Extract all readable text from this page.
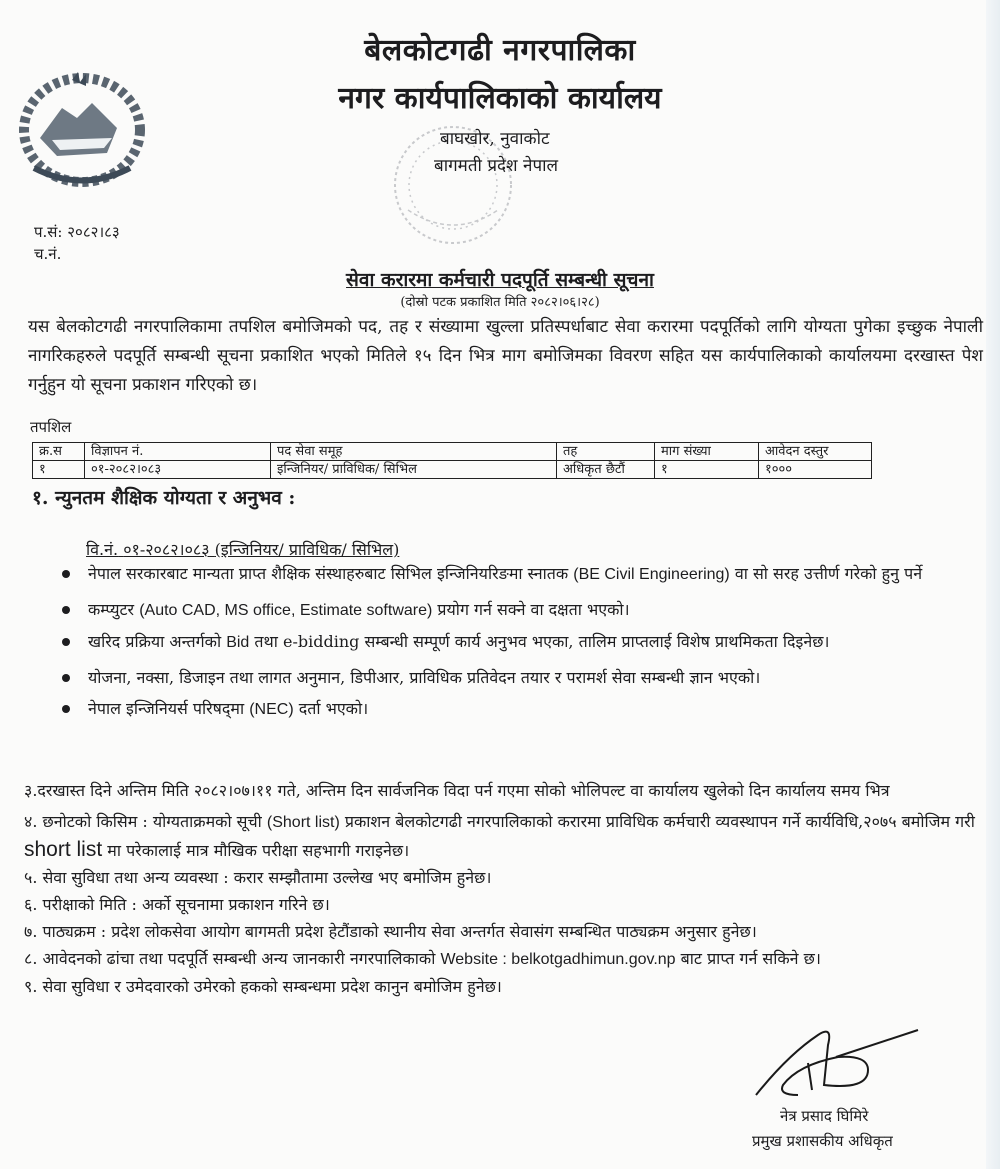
बेलकोटगढी नगरपालिका
नगर कार्यपालिकाको कार्यालय
बाघखोर, नुवाकोट
बागमती प्रदेश नेपाल
प.सं: २०८२।८३
च.नं.
सेवा करारमा कर्मचारी पदपूर्ति सम्बन्धी सूचना
(दोस्रो पटक प्रकाशित मिति २०८२।०६।२८)
यस बेलकोटगढी नगरपालिकामा तपशिल बमोजिमको पद, तह र संख्यामा खुल्ला प्रतिस्पर्धाबाट सेवा करारमा पदपूर्तिको लागि योग्यता पुगेका इच्छुक नेपाली नागरिकहरुले पदपूर्ति सम्बन्धी सूचना प्रकाशित भएको मितिले १५ दिन भित्र माग बमोजिमका विवरण सहित यस कार्यपालिकाको कार्यालयमा दरखास्त पेश गर्नुहुन यो सूचना प्रकाशन गरिएको छ।
तपशिल
क्र.स	विज्ञापन नं.	पद सेवा समूह	तह	माग संख्या	आवेदन दस्तुर
१	०१-२०८२।०८३	इन्जिनियर/ प्राविधिक/ सिभिल	अधिकृत छैटौं	१	१०००
१. न्युनतम शैक्षिक योग्यता र अनुभव :
वि.नं. ०१-२०८२।०८३ (इन्जिनियर/ प्राविधिक/ सिभिल)
नेपाल सरकारबाट मान्यता प्राप्त शैक्षिक संस्थाहरुबाट सिभिल इन्जिनियरिङमा स्नातक (BE Civil Engineering) वा सो सरह उत्तीर्ण गरेको हुनु पर्ने
कम्प्युटर (Auto CAD, MS office, Estimate software) प्रयोग गर्न सक्ने वा दक्षता भएको।
खरिद प्रक्रिया अन्तर्गको Bid तथा e-bidding सम्बन्धी सम्पूर्ण कार्य अनुभव भएका, तालिम प्राप्तलाई विशेष प्राथमिकता दिइनेछ।
योजना, नक्सा, डिजाइन तथा लागत अनुमान, डिपीआर, प्राविधिक प्रतिवेदन तयार र परामर्श सेवा सम्बन्धी ज्ञान भएको।
नेपाल इन्जिनियर्स परिषद्‌मा (NEC) दर्ता भएको।
३.दरखास्त दिने अन्तिम मिति २०८२।०७।११ गते, अन्तिम दिन सार्वजनिक विदा पर्न गएमा सोको भोलिपल्ट वा कार्यालय खुलेको दिन कार्यालय समय भित्र
४. छनोटको किसिम : योग्यताक्रमको सूची (Short list) प्रकाशन बेलकोटगढी नगरपालिकाको करारमा प्राविधिक कर्मचारी व्यवस्थापन गर्ने कार्यविधि,२०७५ बमोजिम गरी short list मा परेकालाई मात्र मौखिक परीक्षा सहभागी गराइनेछ।
५. सेवा सुविधा तथा अन्य व्यवस्था : करार सम्झौतामा उल्लेख भए बमोजिम हुनेछ।
६. परीक्षाको मिति : अर्को सूचनामा प्रकाशन गरिने छ।
७. पाठ्यक्रम : प्रदेश लोकसेवा आयोग बागमती प्रदेश हेटौंडाको स्थानीय सेवा अन्तर्गत सेवासंग सम्बन्धित पाठ्यक्रम अनुसार हुनेछ।
८. आवेदनको ढांचा तथा पदपूर्ति सम्बन्धी अन्य जानकारी नगरपालिकाको Website : belkotgadhimun.gov.np बाट प्राप्त गर्न सकिने छ।
९. सेवा सुविधा र उमेदवारको उमेरको हकको सम्बन्धमा प्रदेश कानुन बमोजिम हुनेछ।
नेत्र प्रसाद घिमिरे
प्रमुख प्रशासकीय अधिकृत
